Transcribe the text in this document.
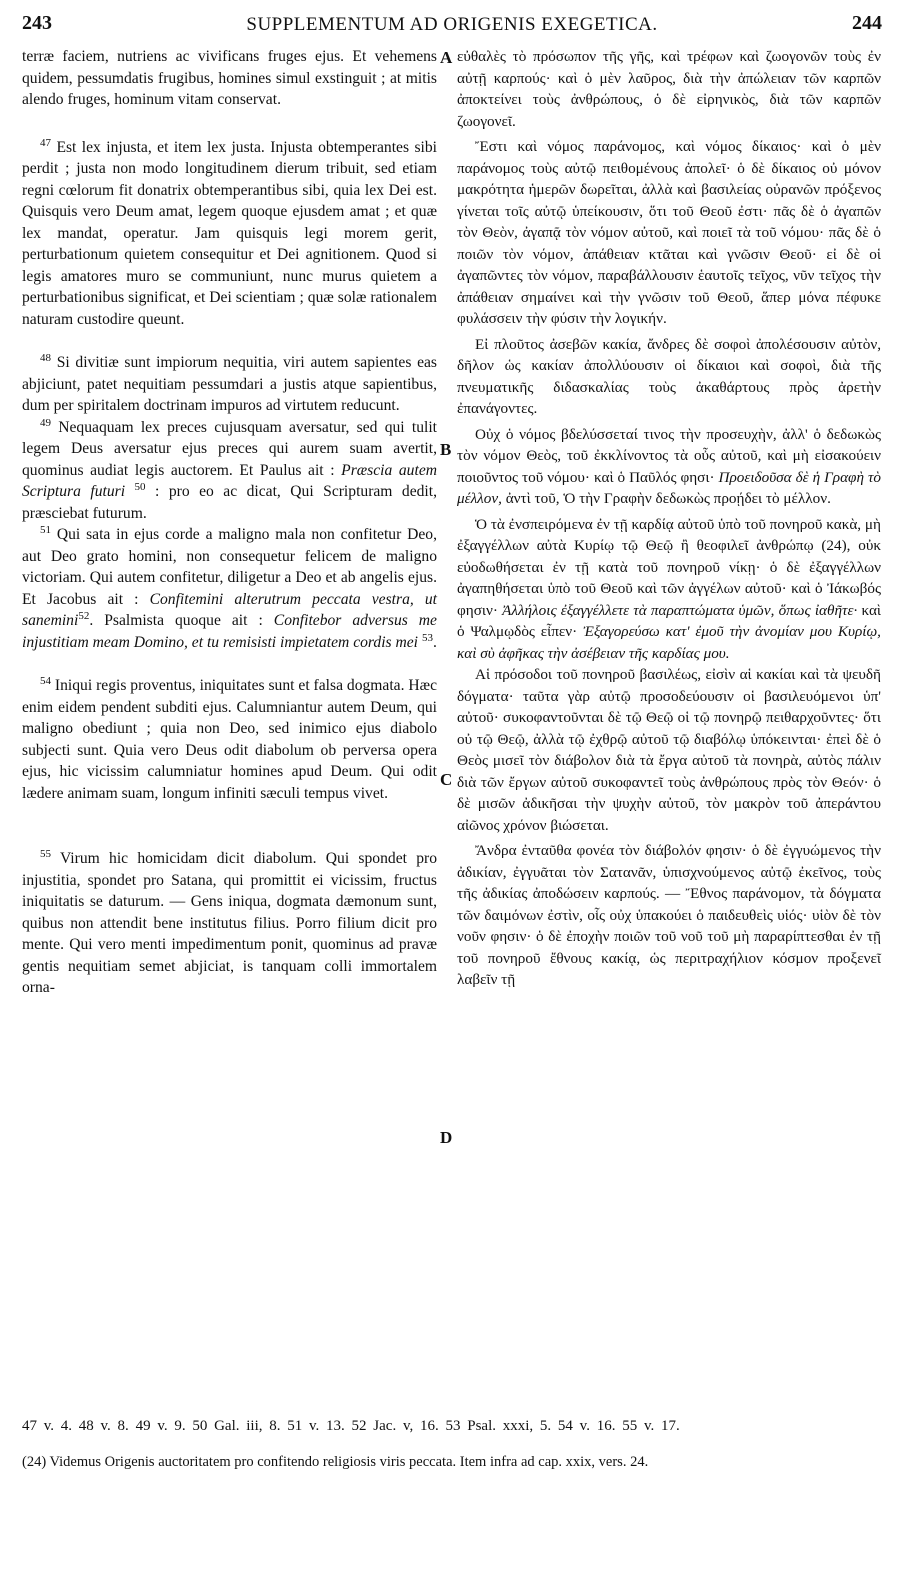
243	SUPPLEMENTUM AD ORIGENIS EXEGETICA.	244
A
B
C
D

terræ faciem, nutriens ac vivificans fruges ejus. Et vehemens quidem, pessumdatis frugibus, homines simul exstinguit ; at mitis alendo fruges, hominum vitam conservat.

$^{47}$ Est lex injusta, et item lex justa. Injusta obtemperantes sibi perdit ; justa non modo longitudinem dierum tribuit, sed etiam regni cœlorum fit donatrix obtemperantibus sibi, quia lex Dei est. Quisquis vero Deum amat, legem quoque ejusdem amat ; et quæ lex mandat, operatur. Jam quisquis legi morem gerit, perturbationum quietem consequitur et Dei agnitionem. Quod si legis amatores muro se communiunt, nunc murus quietem a perturbationibus significat, et Dei scientiam ; quæ solæ rationalem naturam custodire queunt.

$^{48}$ Si divitiæ sunt impiorum nequitia, viri autem sapientes eas abjiciunt, patet nequitiam pessumdari a justis atque sapientibus, dum per spiritalem doctrinam impuros ad virtutem reducunt.

$^{49}$ Nequaquam lex preces cujusquam aversatur, sed qui tulit legem Deus aversatur ejus preces qui aurem suam avertit, quominus audiat legis auctorem. Et Paulus ait : Præscia autem Scriptura futuri $^{50}$ : pro eo ac dicat, Qui Scripturam dedit, præsciebat futurum.

$^{51}$ Qui sata in ejus corde a maligno mala non confitetur Deo, aut Deo grato homini, non consequetur felicem de maligno victoriam. Qui autem confitetur, diligetur a Deo et ab angelis ejus. Et Jacobus ait : Confitemini alterutrum peccata vestra, ut sanemini$^{52}$. Psalmista quoque ait : Confitebor adversus me injustitiam meam Domino, et tu remisisti impietatem cordis mei $^{53}$.

$^{54}$ Iniqui regis proventus, iniquitates sunt et falsa dogmata. Hæc enim eidem pendent subditi ejus. Calumniantur autem Deum, qui maligno obediunt ; quia non Deo, sed inimico ejus diabolo subjecti sunt. Quia vero Deus odit diabolum ob perversa opera ejus, hic vicissim calumniatur homines apud Deum. Qui odit lædere animam suam, longum infiniti sæculi tempus vivet.

$^{55}$ Virum hic homicidam dicit diabolum. Qui spondet pro injustitia, spondet pro Satana, qui promittit ei vicissim, fructus iniquitatis se daturum. — Gens iniqua, dogmata dæmonum sunt, quibus non attendit bene institutus filius. Porro filium dicit pro mente. Qui vero menti impedimentum ponit, quominus ad pravæ gentis nequitiam semet abjiciat, is tanquam colli immortalem orna-

εὐθαλὲς τὸ πρόσωπον τῆς γῆς, καὶ τρέφων καὶ ζωογονῶν τοὺς ἐν αὐτῇ καρπούς· καὶ ὁ μὲν λαῦρος, διὰ τὴν ἀπώλειαν τῶν καρπῶν ἀποκτείνει τοὺς ἀνθρώπους, ὁ δὲ εἰρηνικὸς, διὰ τῶν καρπῶν ζωογονεῖ.

Ἔστι καὶ νόμος παράνομος, καὶ νόμος δίκαιος· καὶ ὁ μὲν παράνομος τοὺς αὐτῷ πειθομένους ἀπολεῖ· ὁ δὲ δίκαιος οὐ μόνον μακρότητα ἡμερῶν δωρεῖται, ἀλλὰ καὶ βασιλείας οὐρανῶν πρόξενος γίνεται τοῖς αὐτῷ ὑπείκουσιν, ὅτι τοῦ Θεοῦ ἐστι· πᾶς δὲ ὁ ἀγαπῶν τὸν Θεὸν, ἀγαπᾷ τὸν νόμον αὐτοῦ, καὶ ποιεῖ τὰ τοῦ νόμου· πᾶς δὲ ὁ ποιῶν τὸν νόμον, ἀπάθειαν κτᾶται καὶ γνῶσιν Θεοῦ· εἰ δὲ οἱ ἀγαπῶντες τὸν νόμον, παραβάλλουσιν ἑαυτοῖς τεῖχος, νῦν τεῖχος τὴν ἀπάθειαν σημαίνει καὶ τὴν γνῶσιν τοῦ Θεοῦ, ἅπερ μόνα πέφυκε φυλάσσειν τὴν φύσιν τὴν λογικήν.

Εἰ πλοῦτος ἀσεβῶν κακία, ἄνδρες δὲ σοφοὶ ἀπολέσουσιν αὐτὸν, δῆλον ὡς κακίαν ἀπολλύουσιν οἱ δίκαιοι καὶ σοφοὶ, διὰ τῆς πνευματικῆς διδασκαλίας τοὺς ἀκαθάρτους πρὸς ἀρετὴν ἐπανάγοντες.

Οὐχ ὁ νόμος βδελύσσεταί τινος τὴν προσευχὴν, ἀλλ' ὁ δεδωκὼς τὸν νόμον Θεὸς, τοῦ ἐκκλίνοντος τὰ οὖς αὐτοῦ, καὶ μὴ εἰσακούειν ποιοῦντος τοῦ νόμου· καὶ ὁ Παῦλός φησι· Προειδοῦσα δὲ ἡ Γραφὴ τὸ μέλλον, ἀντὶ τοῦ, Ὁ τὴν Γραφὴν δεδωκὼς προῄδει τὸ μέλλον.

Ὁ τὰ ἐνσπειρόμενα ἐν τῇ καρδίᾳ αὐτοῦ ὑπὸ τοῦ πονηροῦ κακὰ, μὴ ἐξαγγέλλων αὐτὰ Κυρίῳ τῷ Θεῷ ἢ θεοφιλεῖ ἀνθρώπῳ (24), οὐκ εὐοδωθήσεται ἐν τῇ κατὰ τοῦ πονηροῦ νίκῃ· ὁ δὲ ἐξαγγέλλων ἀγαπηθήσεται ὑπὸ τοῦ Θεοῦ καὶ τῶν ἀγγέλων αὐτοῦ· καὶ ὁ Ἰάκωβός φησιν· Ἀλλήλοις ἐξαγγέλλετε τὰ παραπτώματα ὑμῶν, ὅπως ἰαθῆτε· καὶ ὁ Ψαλμῳδὸς εἶπεν· Ἐξαγορεύσω κατ' ἐμοῦ τὴν ἀνομίαν μου Κυρίῳ, καὶ σὺ ἀφῆκας τὴν ἀσέβειαν τῆς καρδίας μου.

Αἱ πρόσοδοι τοῦ πονηροῦ βασιλέως, εἰσὶν αἱ κακίαι καὶ τὰ ψευδῆ δόγματα· ταῦτα γὰρ αὐτῷ προσοδεύουσιν οἱ βασιλευόμενοι ὑπ' αὐτοῦ· συκοφαντοῦνται δὲ τῷ Θεῷ οἱ τῷ πονηρῷ πειθαρχοῦντες· ὅτι οὐ τῷ Θεῷ, ἀλλὰ τῷ ἐχθρῷ αὐτοῦ τῷ διαβόλῳ ὑπόκεινται· ἐπεὶ δὲ ὁ Θεὸς μισεῖ τὸν διάβολον διὰ τὰ ἔργα αὐτοῦ τὰ πονηρὰ, αὐτὸς πάλιν διὰ τῶν ἔργων αὐτοῦ συκοφαντεῖ τοὺς ἀνθρώπους πρὸς τὸν Θεόν· ὁ δὲ μισῶν ἀδικῆσαι τὴν ψυχὴν αὐτοῦ, τὸν μακρὸν τοῦ ἀπεράντου αἰῶνος χρόνον βιώσεται.

Ἄνδρα ἐνταῦθα φονέα τὸν διάβολόν φησιν· ὁ δὲ ἐγγυώμενος τὴν ἀδικίαν, ἐγγυᾶται τὸν Σατανᾶν, ὑπισχνούμενος αὐτῷ ἐκεῖνος, τοὺς τῆς ἀδικίας ἀποδώσειν καρπούς. — Ἔθνος παράνομον, τὰ δόγματα τῶν δαιμόνων ἐστὶν, οἷς οὐχ ὑπακούει ὁ παιδευθεὶς υἱός· υἱὸν δὲ τὸν νοῦν φησιν· ὁ δὲ ἐποχὴν ποιῶν τοῦ νοῦ τοῦ μὴ παραρίπτεσθαι ἐν τῇ τοῦ πονηροῦ ἔθνους κακίᾳ, ὡς περιτραχήλιον κόσμον προξενεῖ λαβεῖν τῇ

47 v. 4. 48 v. 8. 49 v. 9. 50 Gal. iii, 8. 51 v. 13. 52 Jac. v, 16. 53 Psal. xxxi, 5. 54 v. 16. 55 v. 17.
(24) Videmus Origenis auctoritatem pro confitendo religiosis viris peccata. Item infra ad cap. xxix, vers. 24.
